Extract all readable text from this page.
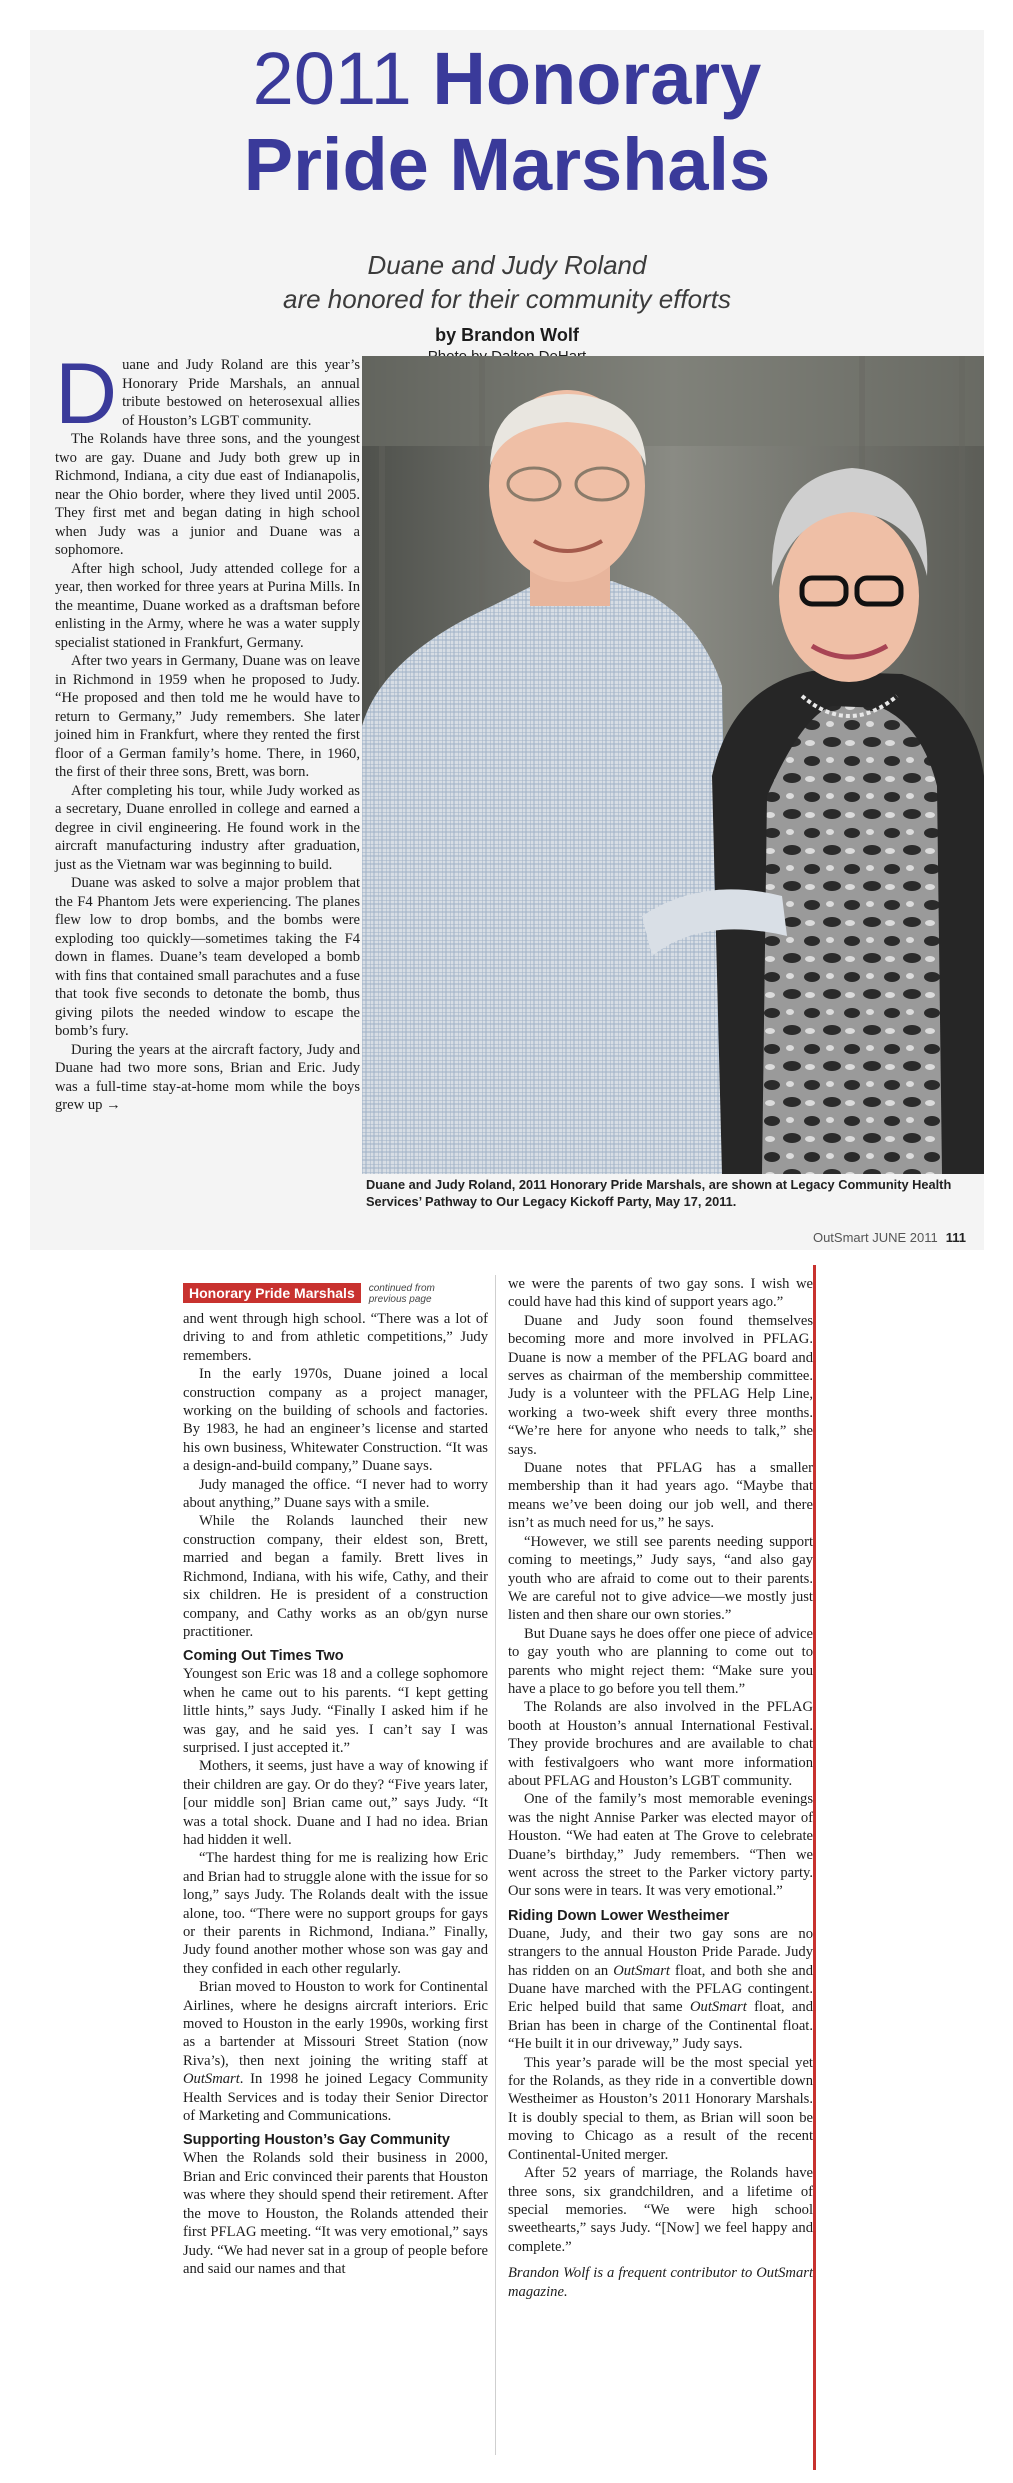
2011 Honorary
Pride Marshals
Duane and Judy Roland
are honored for their community efforts
by Brandon Wolf

Duane and Judy Roland are this year’s Honorary Pride Marshals, an annual tribute bestowed on heterosexual allies of Houston’s LGBT community.

The Rolands have three sons, and the youngest two are gay. Duane and Judy both grew up in Richmond, Indiana, a city due east of Indianapolis, near the Ohio border, where they lived until 2005. They first met and began dating in high school when Judy was a junior and Duane was a sophomore.

After high school, Judy attended college for a year, then worked for three years at Purina Mills. In the meantime, Duane worked as a draftsman before enlisting in the Army, where he was a water supply specialist stationed in Frankfurt, Germany.

After two years in Germany, Duane was on leave in Richmond in 1959 when he proposed to Judy. “He proposed and then told me he would have to return to Germany,” Judy remembers. She later joined him in Frankfurt, where they rented the first floor of a German family’s home. There, in 1960, the first of their three sons, Brett, was born.

After completing his tour, while Judy worked as a secretary, Duane enrolled in college and earned a degree in civil engineering. He found work in the aircraft manufacturing industry after graduation, just as the Vietnam war was beginning to build.

Duane was asked to solve a major problem that the F4 Phantom Jets were experiencing. The planes flew low to drop bombs, and the bombs were exploding too quickly—sometimes taking the F4 down in flames. Duane’s team developed a bomb with fins that contained small parachutes and a fuse that took five seconds to detonate the bomb, thus giving pilots the needed window to escape the bomb’s fury.

During the years at the aircraft factory, Judy and Duane had two more sons, Brian and Eric. Judy was a full-time stay-at-home mom while the boys grew up →

Duane and Judy Roland, 2011 Honorary Pride Marshals, are shown at Legacy Community Health Services’ Pathway to Our Legacy Kickoff Party, May 17, 2011.
OutSmart JUNE 2011 111
Honorary Pride Marshals continued from
previous page

and went through high school. “There was a lot of driving to and from athletic competitions,” Judy remembers.

In the early 1970s, Duane joined a local construction company as a project manager, working on the building of schools and factories. By 1983, he had an engineer’s license and started his own business, Whitewater Construction. “It was a design-and-build company,” Duane says.

Judy managed the office. “I never had to worry about anything,” Duane says with a smile.

While the Rolands launched their new construction company, their eldest son, Brett, married and began a family. Brett lives in Richmond, Indiana, with his wife, Cathy, and their six children. He is president of a construction company, and Cathy works as an ob/gyn nurse practitioner.

Coming Out Times Two

Youngest son Eric was 18 and a college sophomore when he came out to his parents. “I kept getting little hints,” says Judy. “Finally I asked him if he was gay, and he said yes. I can’t say I was surprised. I just accepted it.”

Mothers, it seems, just have a way of knowing if their children are gay. Or do they? “Five years later, [our middle son] Brian came out,” says Judy. “It was a total shock. Duane and I had no idea. Brian had hidden it well.

“The hardest thing for me is realizing how Eric and Brian had to struggle alone with the issue for so long,” says Judy. The Rolands dealt with the issue alone, too. “There were no support groups for gays or their parents in Richmond, Indiana.” Finally, Judy found another mother whose son was gay and they confided in each other regularly.

Brian moved to Houston to work for Continental Airlines, where he designs aircraft interiors. Eric moved to Houston in the early 1990s, working first as a bartender at Missouri Street Station (now Riva’s), then next joining the writing staff at OutSmart. In 1998 he joined Legacy Community Health Services and is today their Senior Director of Marketing and Communications.

Supporting Houston’s Gay Community

When the Rolands sold their business in 2000, Brian and Eric convinced their parents that Houston was where they should spend their retirement. After the move to Houston, the Rolands attended their first PFLAG meeting. “It was very emotional,” says Judy. “We had never sat in a group of people before and said our names and that

we were the parents of two gay sons. I wish we could have had this kind of support years ago.”

Duane and Judy soon found themselves becoming more and more involved in PFLAG. Duane is now a member of the PFLAG board and serves as chairman of the membership committee. Judy is a volunteer with the PFLAG Help Line, working a two-week shift every three months. “We’re here for anyone who needs to talk,” she says.

Duane notes that PFLAG has a smaller membership than it had years ago. “Maybe that means we’ve been doing our job well, and there isn’t as much need for us,” he says.

“However, we still see parents needing support coming to meetings,” Judy says, “and also gay youth who are afraid to come out to their parents. We are careful not to give advice—we mostly just listen and then share our own stories.”

But Duane says he does offer one piece of advice to gay youth who are planning to come out to parents who might reject them: “Make sure you have a place to go before you tell them.”

The Rolands are also involved in the PFLAG booth at Houston’s annual International Festival. They provide brochures and are available to chat with festivalgoers who want more information about PFLAG and Houston’s LGBT community.

One of the family’s most memorable evenings was the night Annise Parker was elected mayor of Houston. “We had eaten at The Grove to celebrate Duane’s birthday,” Judy remembers. “Then we went across the street to the Parker victory party. Our sons were in tears. It was very emotional.”

Riding Down Lower Westheimer

Duane, Judy, and their two gay sons are no strangers to the annual Houston Pride Parade. Judy has ridden on an OutSmart float, and both she and Duane have marched with the PFLAG contingent. Eric helped build that same OutSmart float, and Brian has been in charge of the Continental float. “He built it in our driveway,” Judy says.

This year’s parade will be the most special yet for the Rolands, as they ride in a convertible down Westheimer as Houston’s 2011 Honorary Marshals. It is doubly special to them, as Brian will soon be moving to Chicago as a result of the recent Continental-United merger.

After 52 years of marriage, the Rolands have three sons, six grandchildren, and a lifetime of special memories. “We were high school sweethearts,” says Judy. “[Now] we feel happy and complete.”

Brandon Wolf is a frequent contributor to OutSmart magazine.
